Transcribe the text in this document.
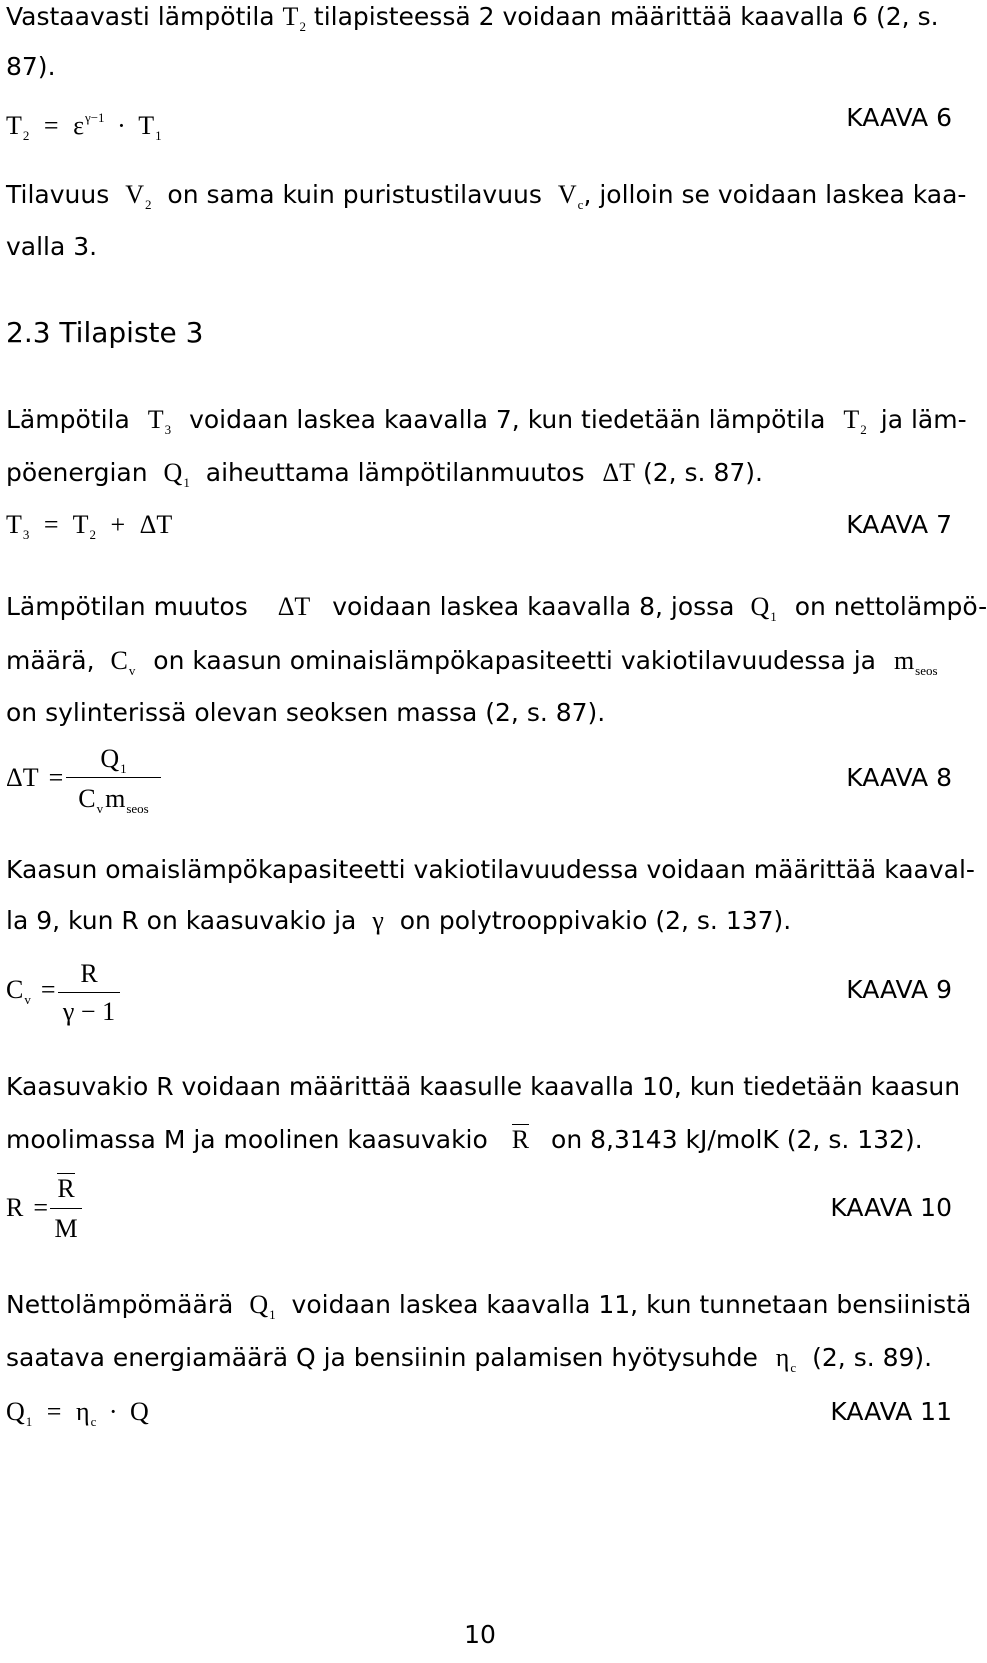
Vastaavasti lämpötila $T_2$ tilapisteessä 2 voidaan määrittää kaavalla 6 (2, s.
87).
$T_2 = \varepsilon^{\gamma-1} \cdot T_1$
KAAVA 6
Tilavuus $V_2$ on sama kuin puristustilavuus $V_c$, jolloin se voidaan laskea kaa-
valla 3.
2.3 Tilapiste 3
Lämpötila $T_3$ voidaan laskea kaavalla 7, kun tiedetään lämpötila $T_2$ ja läm-
pöenergian $Q_1$ aiheuttama lämpötilanmuutos ΔT (2, s. 87).
$T_3 = T_2 + \Delta T$	KAAVA 7
Lämpötilan muutos ΔT voidaan laskea kaavalla 8, jossa $Q_1$ on nettolämpö-
määrä, $C_v$ on kaasun ominaislämpökapasiteetti vakiotilavuudessa ja $m_{seos}$
on sylinterissä olevan seoksen massa (2, s. 87).
ΔT =
$Q_1$
$C_vm_{seos}$
KAAVA 8
Kaasun omaislämpökapasiteetti vakiotilavuudessa voidaan määrittää kaaval-
la 9, kun R on kaasuvakio ja γ on polytrooppivakio (2, s. 137).
$C_v$ =
R
γ − 1
KAAVA 9
Kaasuvakio R voidaan määrittää kaasulle kaavalla 10, kun tiedetään kaasun
moolimassa M ja moolinen kaasuvakio R on 8,3143 kJ/molK (2, s. 132).
R =
R
M
KAAVA 10
Nettolämpömäärä $Q_1$ voidaan laskea kaavalla 11, kun tunnetaan bensiinistä
saatava energiamäärä Q ja bensiinin palamisen hyötysuhde $\eta_c$ (2, s. 89).
$Q_1 = \eta_c \cdot Q$	KAAVA 11
10
